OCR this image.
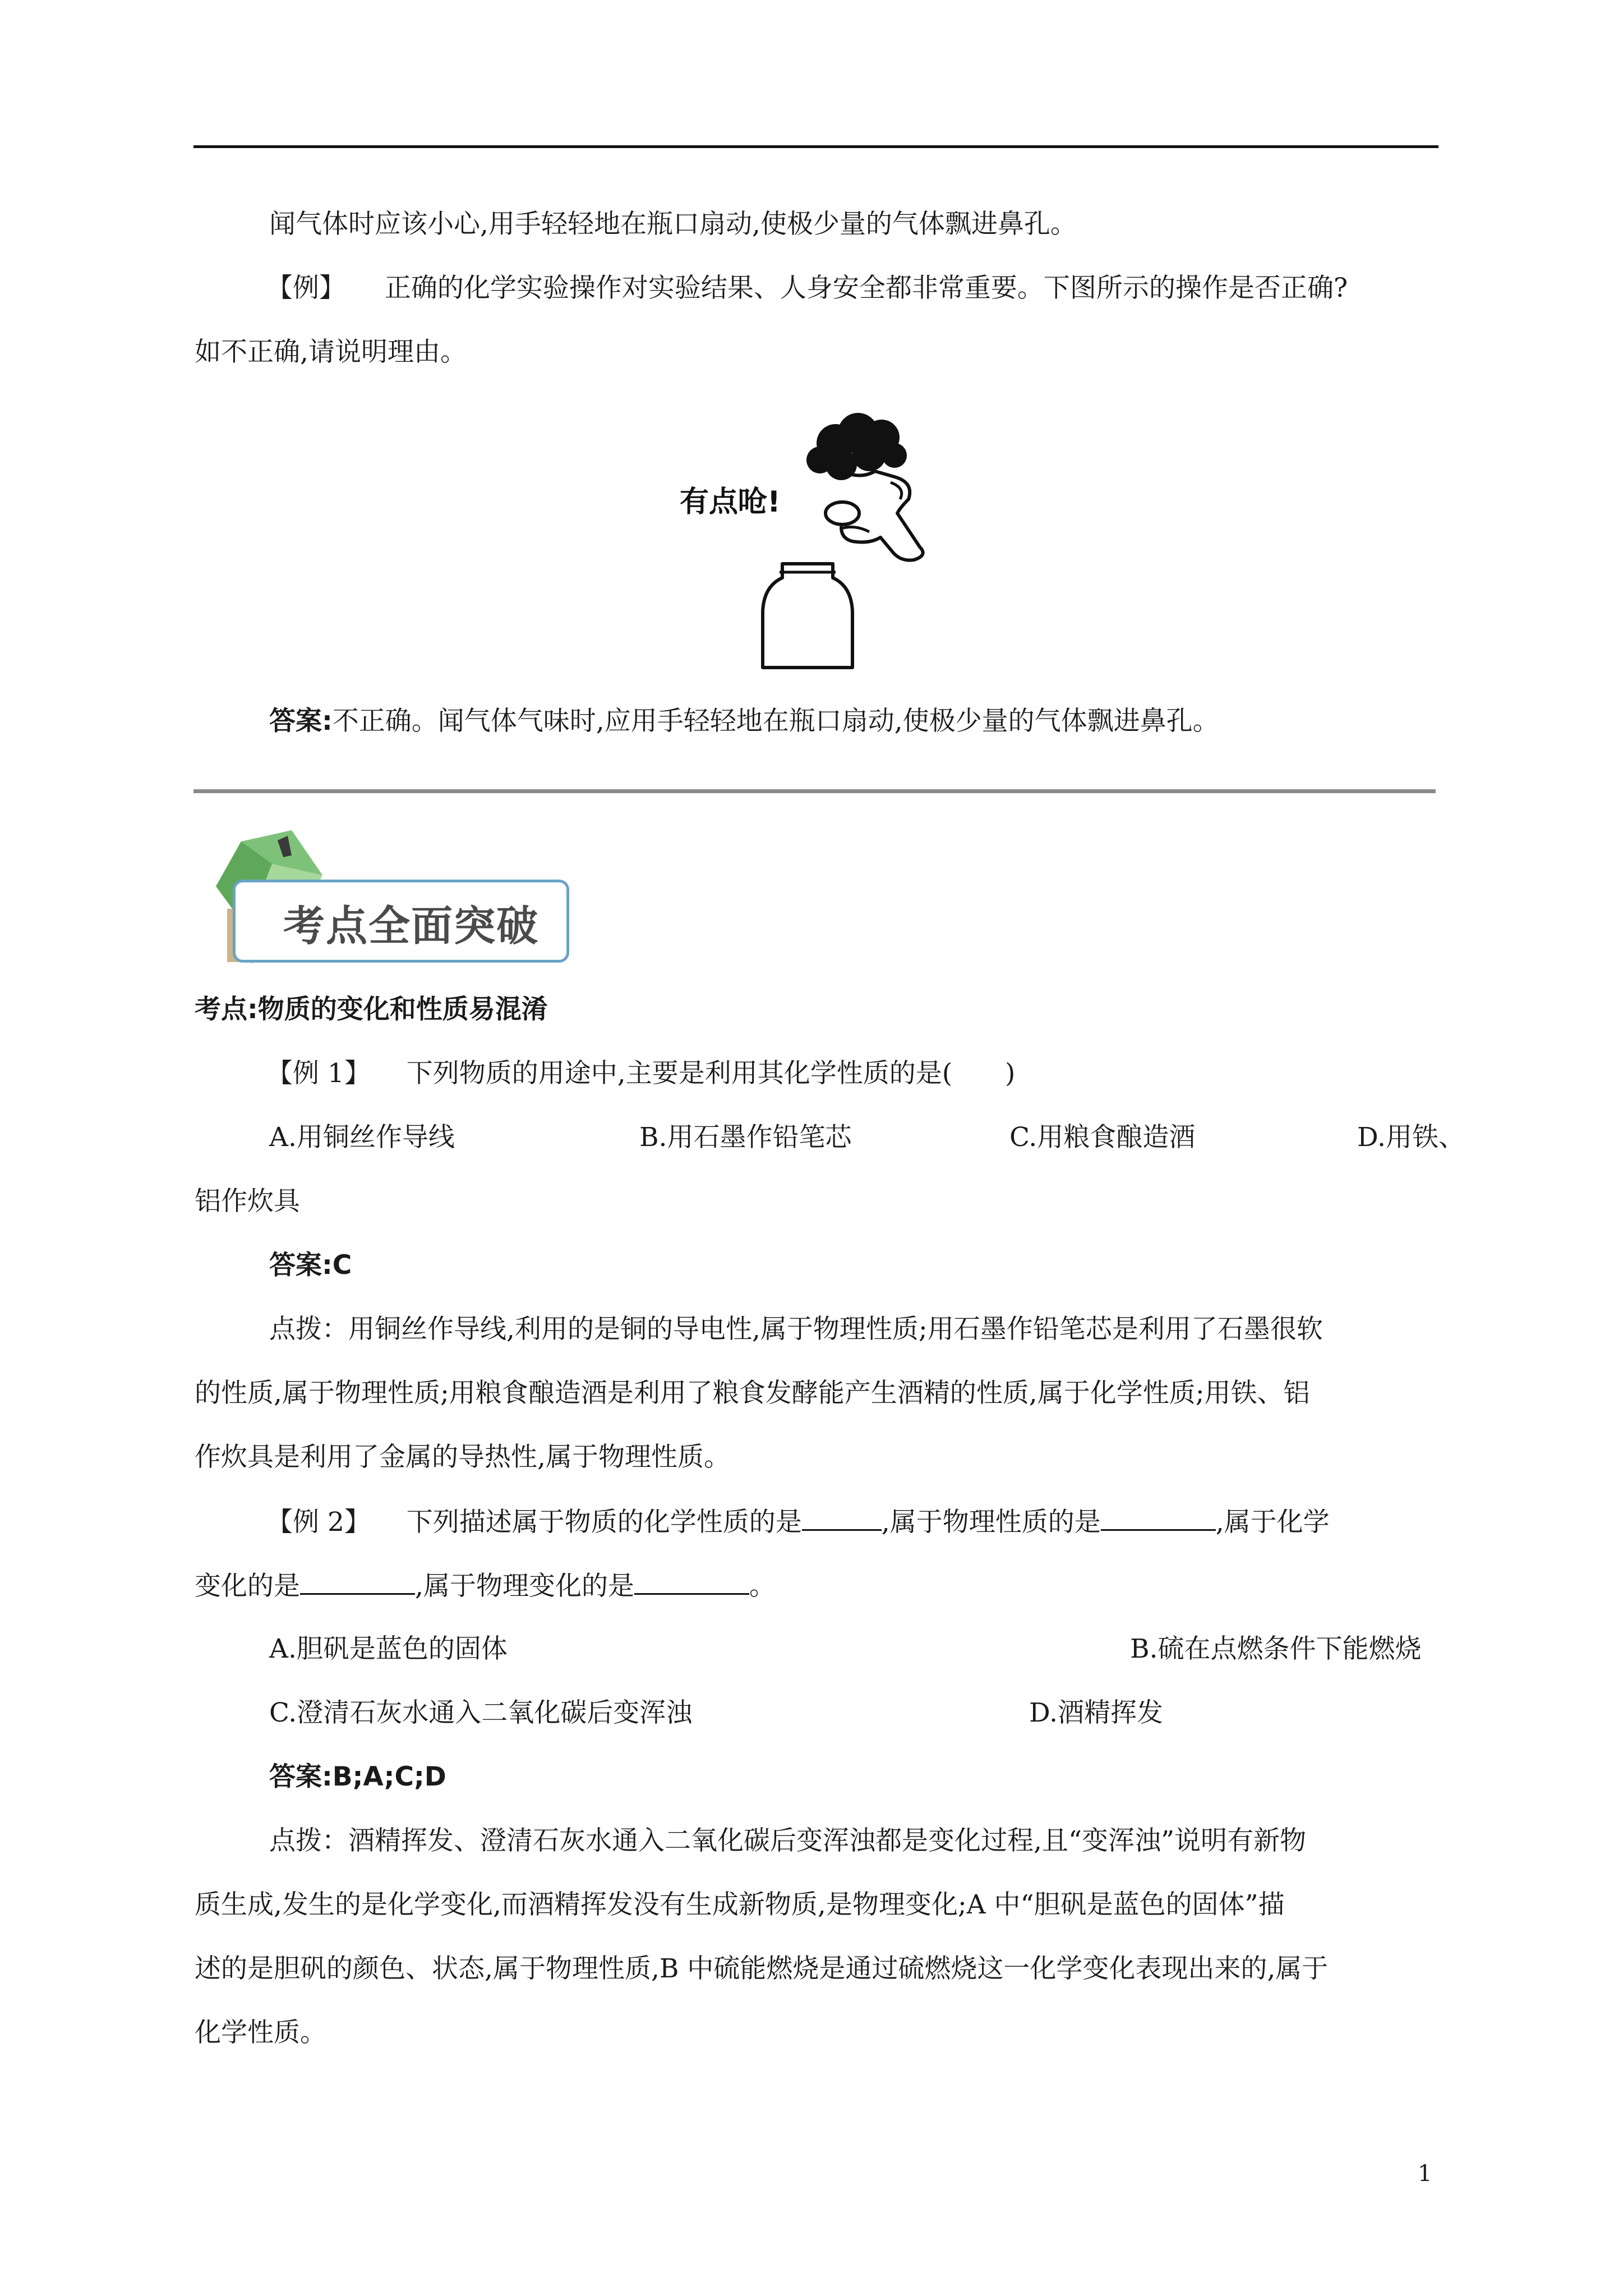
闻气体时应该小心,用手轻轻地在瓶口扇动,使极少量的气体飘进鼻孔。
【例】 正确的化学实验操作对实验结果、人身安全都非常重要。下图所示的操作是否正确?
如不正确,请说明理由。
有点呛!
答案:不正确。闻气体气味时,应用手轻轻地在瓶口扇动,使极少量的气体飘进鼻孔。
考点全面突破
考点:物质的变化和性质易混淆
【例 1】 下列物质的用途中,主要是利用其化学性质的是(　　)
A.用铜丝作导线	B.用石墨作铅笔芯	C.用粮食酿造酒	D.用铁、
铝作炊具
答案:C
点拨：用铜丝作导线,利用的是铜的导电性,属于物理性质;用石墨作铅笔芯是利用了石墨很软
的性质,属于物理性质;用粮食酿造酒是利用了粮食发酵能产生酒精的性质,属于化学性质;用铁、铝
作炊具是利用了金属的导热性,属于物理性质。
【例 2】 下列描述属于物质的化学性质的是	,属于物理性质的是	,属于化学
变化的是	,属于物理变化的是	。
A.胆矾是蓝色的固体	B.硫在点燃条件下能燃烧
C.澄清石灰水通入二氧化碳后变浑浊	D.酒精挥发
答案:B;A;C;D
点拨：酒精挥发、澄清石灰水通入二氧化碳后变浑浊都是变化过程,且“变浑浊”说明有新物
质生成,发生的是化学变化,而酒精挥发没有生成新物质,是物理变化;A 中“胆矾是蓝色的固体”描
述的是胆矾的颜色、状态,属于物理性质,B 中硫能燃烧是通过硫燃烧这一化学变化表现出来的,属于
化学性质。
1
